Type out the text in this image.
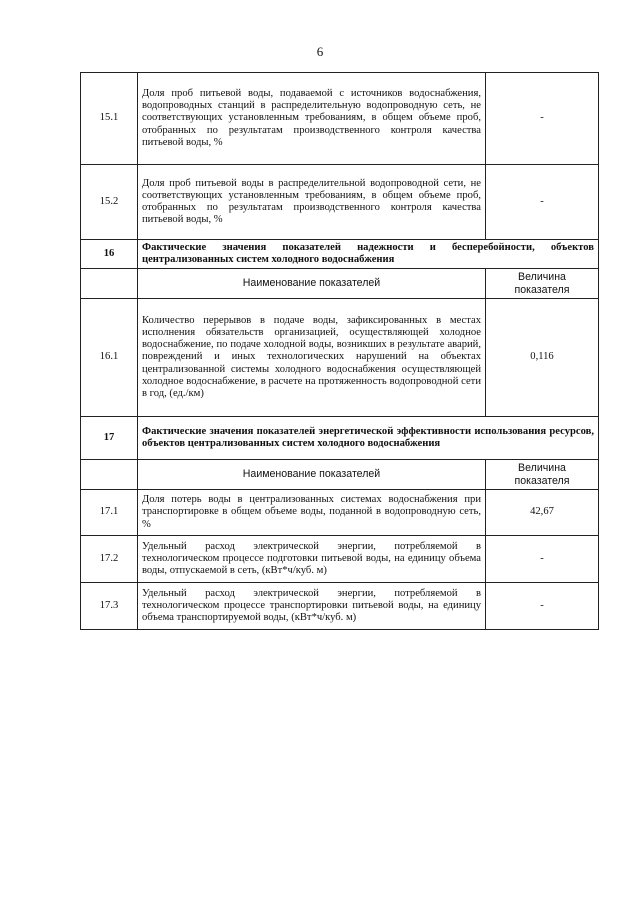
6
15.1	Доля проб питьевой воды, подаваемой с источников водоснабжения, водопроводных станций в распределительную водопроводную сеть, не соответствующих установленным требованиям, в общем объеме проб, отобранных по результатам производственного контроля качества питьевой воды, %	-
15.2	Доля проб питьевой воды в распределительной водопроводной сети, не соответствующих установленным требованиям, в общем объеме проб, отобранных по результатам производственного контроля качества питьевой воды, %	-
16	Фактические значения показателей надежности и бесперебойности, объектов централизованных систем холодного водоснабжения	
	Наименование показателей	Величина показателя
16.1	Количество перерывов в подаче воды, зафиксированных в местах исполнения обязательств организацией, осуществляющей холодное водоснабжение, по подаче холодной воды, возникших в результате аварий, повреждений и иных технологических нарушений на объектах централизованной системы холодного водоснабжения осуществляющей холодное водоснабжение, в расчете на протяженность водопроводной сети в год, (ед./км)	0,116
17	Фактические значения показателей энергетической эффективности использования ресурсов, объектов централизованных систем холодного водоснабжения	
	Наименование показателей	Величина показателя
17.1	Доля потерь воды в централизованных системах водоснабжения при транспортировке в общем объеме воды, поданной в водопроводную сеть, %	42,67
17.2	Удельный расход электрической энергии, потребляемой в технологическом процессе подготовки питьевой воды, на единицу объема воды, отпускаемой в сеть, (кВт*ч/куб. м)	-
17.3	Удельный расход электрической энергии, потребляемой в технологическом процессе транспортировки питьевой воды, на единицу объема транспортируемой воды, (кВт*ч/куб. м)	-
